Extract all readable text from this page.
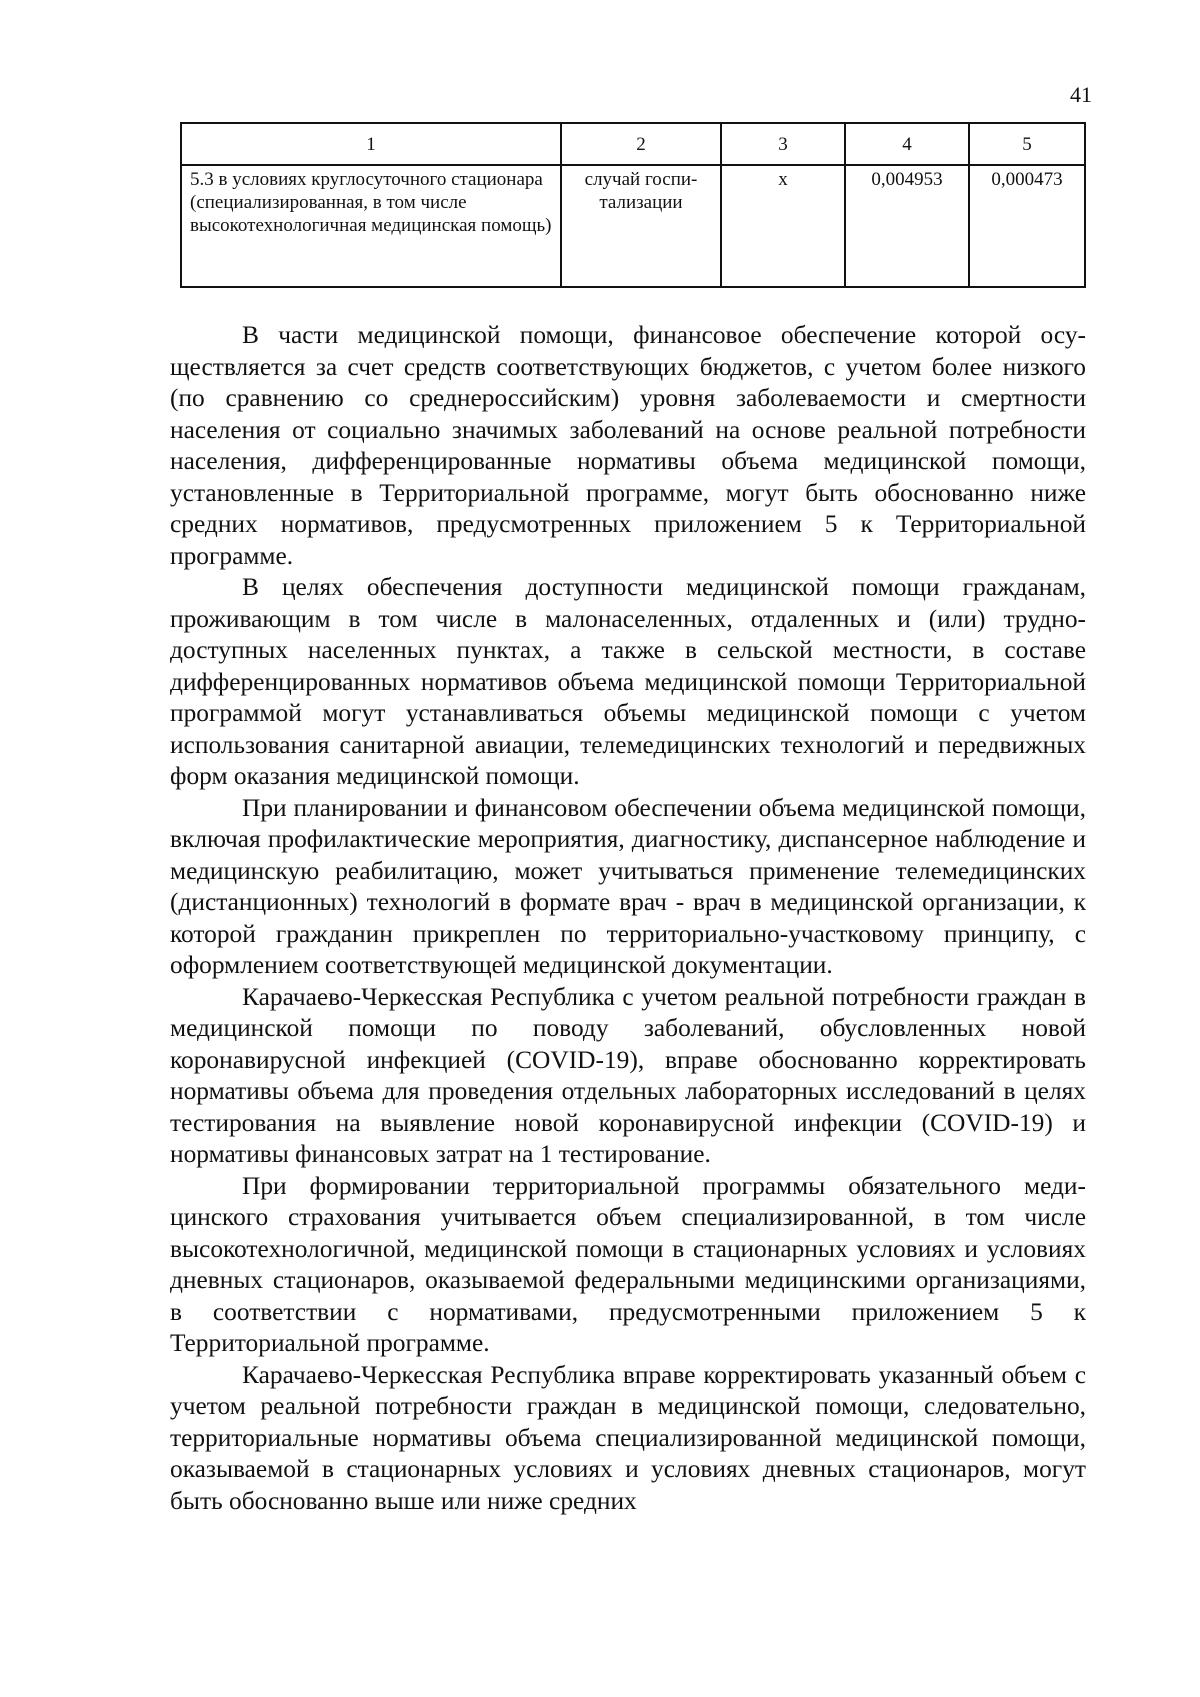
41
1	2	3	4	5
5.3 в условиях круглосуточного стационара (специализированная, в том числе высокотехнологичная медицинская помощь)	случай госпитализации	х	0,004953	0,000473

В части медицинской помощи, финансовое обеспечение которой осуществляется за счет средств соответствующих бюджетов, с учетом более низкого (по сравнению со среднероссийским) уровня заболеваемости и смертности населения от социально значимых заболеваний на основе реальной потребности населения, дифференцированные нормативы объема медицинской помощи, установленные в Территориальной программе, могут быть обоснованно ниже средних нормативов, предусмотренных приложением 5 к Территориальной программе.

В целях обеспечения доступности медицинской помощи гражданам, проживающим в том числе в малонаселенных, отдаленных и (или) труднодоступных населенных пунктах, а также в сельской местности, в составе дифференцированных нормативов объема медицинской помощи Территориальной программой могут устанавливаться объемы медицинской помощи с учетом использования санитарной авиации, телемедицинских технологий и передвижных форм оказания медицинской помощи.

При планировании и финансовом обеспечении объема медицинской помощи, включая профилактические мероприятия, диагностику, диспансерное наблюдение и медицинскую реабилитацию, может учитываться применение телемедицинских (дистанционных) технологий в формате врач - врач в медицинской организации, к которой гражданин прикреплен по территориально-участковому принципу, с оформлением соответствующей медицинской документации.

Карачаево-Черкесская Республика с учетом реальной потребности граждан в медицинской помощи по поводу заболеваний, обусловленных новой коронавирусной инфекцией (COVID-19), вправе обоснованно корректировать нормативы объема для проведения отдельных лабораторных исследований в целях тестирования на выявление новой коронавирусной инфекции (COVID-19) и нормативы финансовых затрат на 1 тестирование.

При формировании территориальной программы обязательного медицинского страхования учитывается объем специализированной, в том числе высокотехнологичной, медицинской помощи в стационарных условиях и условиях дневных стационаров, оказываемой федеральными медицинскими организациями, в соответствии с нормативами, предусмотренными приложением 5 к Территориальной программе.

Карачаево-Черкесская Республика вправе корректировать указанный объем с учетом реальной потребности граждан в медицинской помощи, следовательно, территориальные нормативы объема специализированной медицинской помощи, оказываемой в стационарных условиях и условиях дневных стационаров, могут быть обоснованно выше или ниже средних
